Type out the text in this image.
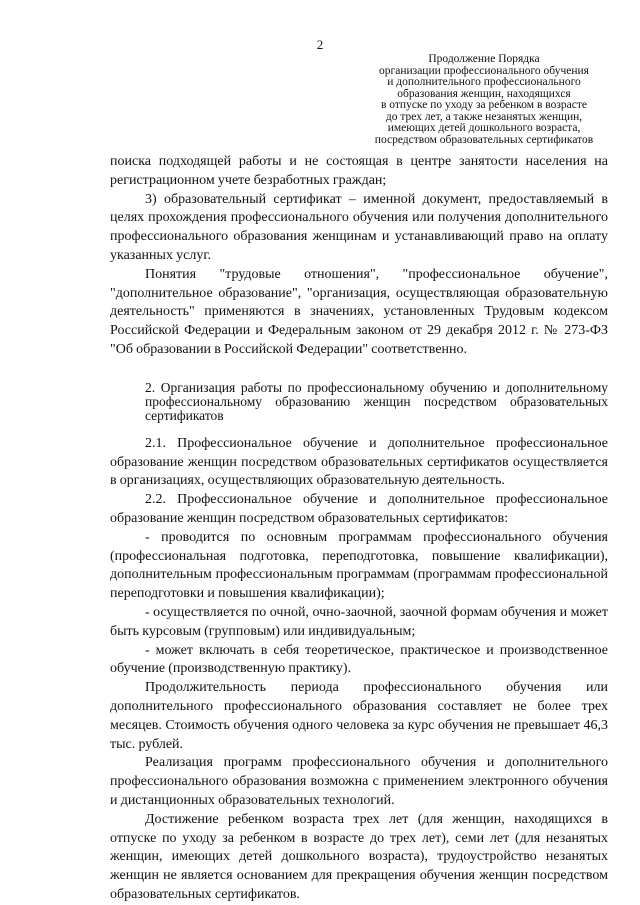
2
Продолжение Порядка
организации профессионального обучения
и дополнительного профессионального
образования женщин, находящихся
в отпуске по уходу за ребенком в возрасте
до трех лет, а также незанятых женщин,
имеющих детей дошкольного возраста,
посредством образовательных сертификатов

поиска подходящей работы и не состоящая в центре занятости населения на регистрационном учете безработных граждан;

3) образовательный сертификат – именной документ, предоставляемый в целях прохождения профессионального обучения или получения дополнительного профессионального образования женщинам и устанавливающий право на оплату указанных услуг.

Понятия "трудовые отношения", "профессиональное обучение", "дополнительное образование", "организация, осуществляющая образовательную деятельность" применяются в значениях, установленных Трудовым кодексом Российской Федерации и Федеральным законом от 29 декабря 2012 г. № 273-ФЗ "Об образовании в Российской Федерации" соответственно.

2. Организация работы по профессиональному обучению и дополнительному профессиональному образованию женщин посредством образовательных сертификатов

2.1. Профессиональное обучение и дополнительное профессиональное образование женщин посредством образовательных сертификатов осуществляется в организациях, осуществляющих образовательную деятельность.

2.2. Профессиональное обучение и дополнительное профессиональное образование женщин посредством образовательных сертификатов:

- проводится по основным программам профессионального обучения (профессиональная подготовка, переподготовка, повышение квалификации), дополнительным профессиональным программам (программам профессиональной переподготовки и повышения квалификации);

- осуществляется по очной, очно-заочной, заочной формам обучения и может быть курсовым (групповым) или индивидуальным;

- может включать в себя теоретическое, практическое и производственное обучение (производственную практику).

Продолжительность периода профессионального обучения или дополнительного профессионального образования составляет не более трех месяцев. Стоимость обучения одного человека за курс обучения не превышает 46,3 тыс. рублей.

Реализация программ профессионального обучения и дополнительного профессионального образования возможна с применением электронного обучения и дистанционных образовательных технологий.

Достижение ребенком возраста трех лет (для женщин, находящихся в отпуске по уходу за ребенком в возрасте до трех лет), семи лет (для незанятых женщин, имеющих детей дошкольного возраста), трудоустройство незанятых женщин не является основанием для прекращения обучения женщин посредством образовательных сертификатов.
